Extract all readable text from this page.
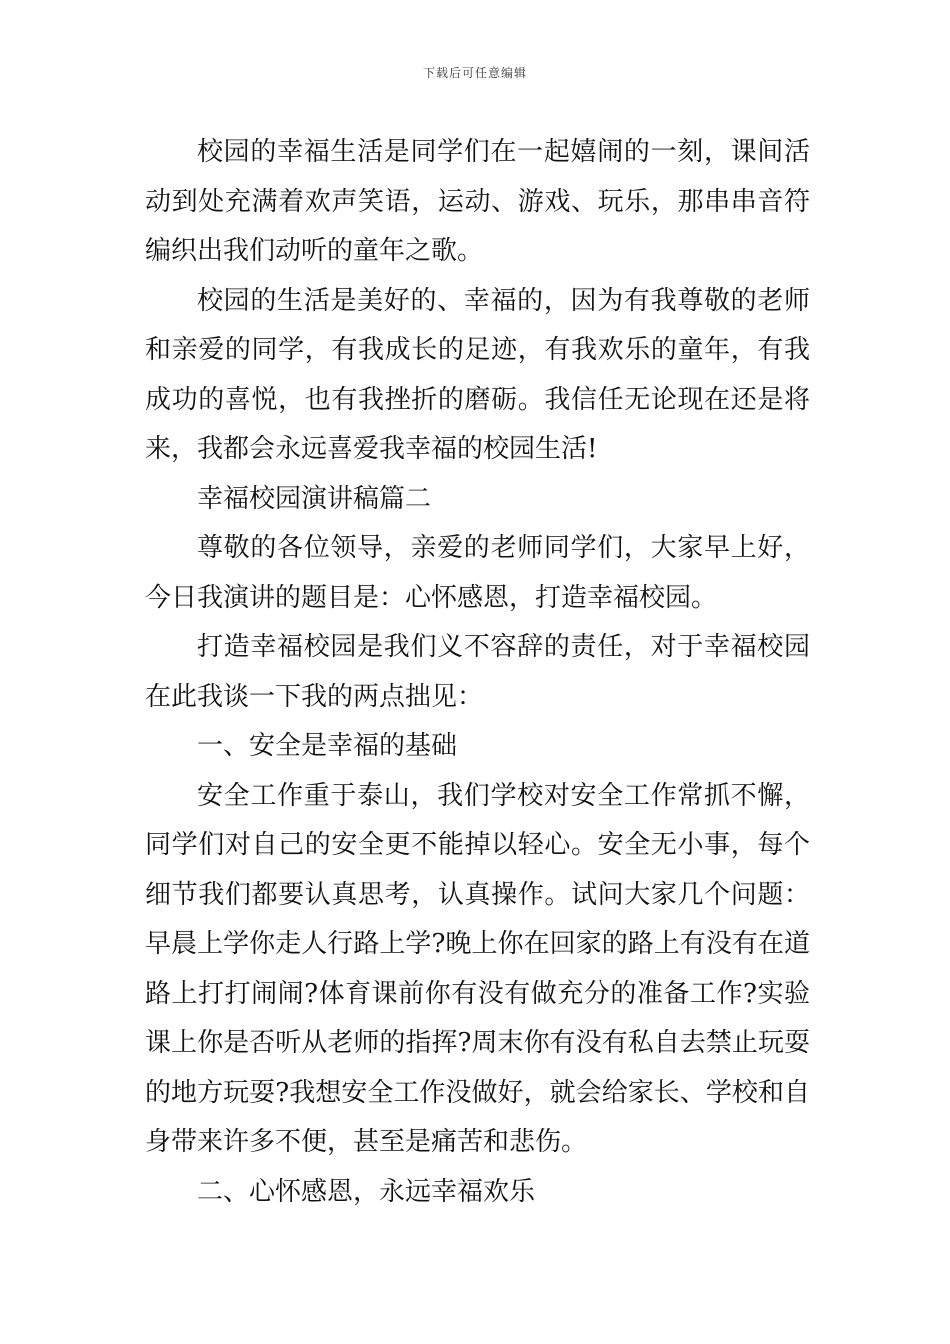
下载后可任意编辑

校园的幸福生活是同学们在一起嬉闹的一刻，课间活动到处充满着欢声笑语，运动、游戏、玩乐，那串串音符编织出我们动听的童年之歌。

校园的生活是美好的、幸福的，因为有我尊敬的老师和亲爱的同学，有我成长的足迹，有我欢乐的童年，有我成功的喜悦，也有我挫折的磨砺。我信任无论现在还是将来，我都会永远喜爱我幸福的校园生活!

幸福校园演讲稿篇二

尊敬的各位领导，亲爱的老师同学们，大家早上好，今日我演讲的题目是：心怀感恩，打造幸福校园。

打造幸福校园是我们义不容辞的责任，对于幸福校园在此我谈一下我的两点拙见：

一、安全是幸福的基础

安全工作重于泰山，我们学校对安全工作常抓不懈，同学们对自己的安全更不能掉以轻心。安全无小事，每个细节我们都要认真思考，认真操作。试问大家几个问题：早晨上学你走人行路上学?晚上你在回家的路上有没有在道路上打打闹闹?体育课前你有没有做充分的准备工作?实验课上你是否听从老师的指挥?周末你有没有私自去禁止玩耍的地方玩耍?我想安全工作没做好，就会给家长、学校和自身带来许多不便，甚至是痛苦和悲伤。

二、心怀感恩，永远幸福欢乐
